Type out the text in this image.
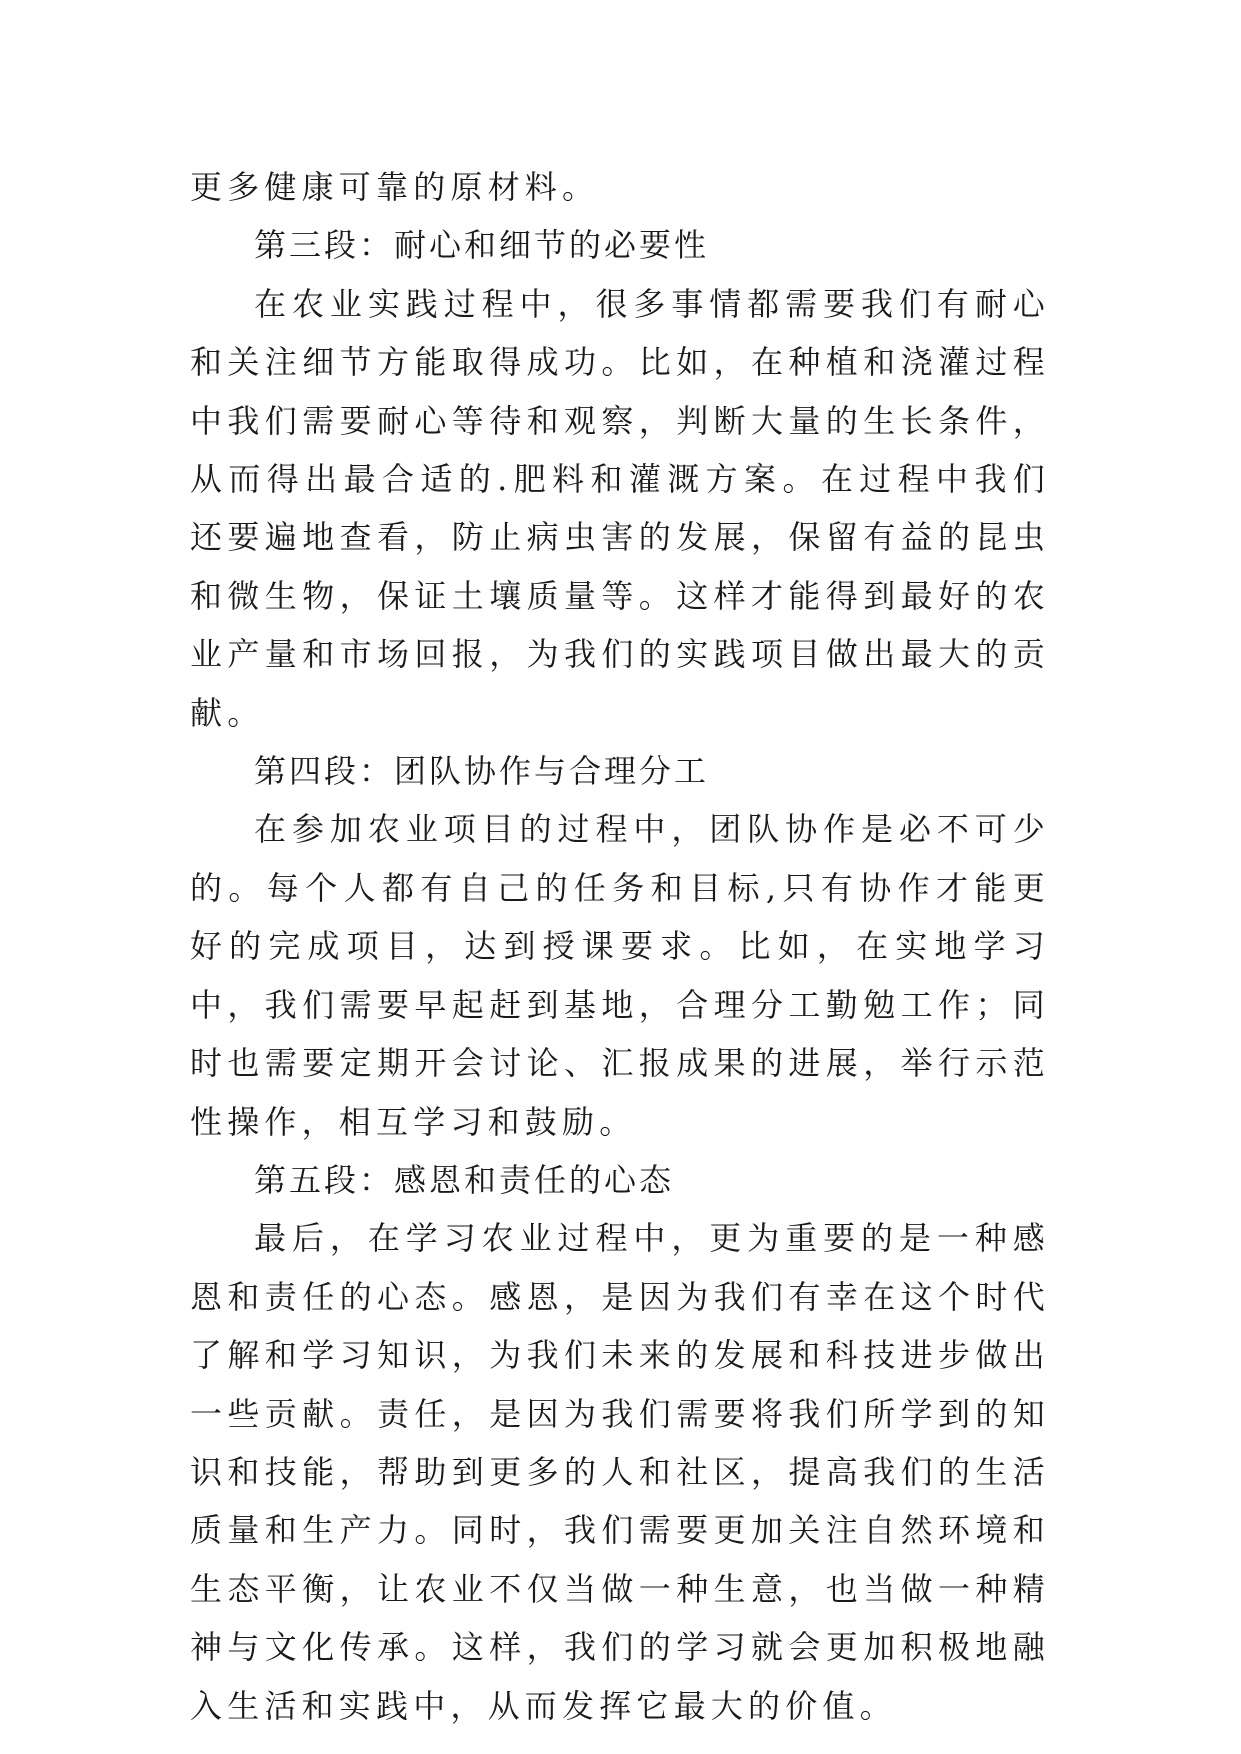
更多健康可靠的原材料。

第三段：耐心和细节的必要性

在农业实践过程中，很多事情都需要我们有耐心和关注细节方能取得成功。比如，在种植和浇灌过程中我们需要耐心等待和观察，判断大量的生长条件，从而得出最合适的.肥料和灌溉方案。在过程中我们还要遍地查看，防止病虫害的发展，保留有益的昆虫和微生物，保证土壤质量等。这样才能得到最好的农业产量和市场回报，为我们的实践项目做出最大的贡献。

第四段：团队协作与合理分工

在参加农业项目的过程中，团队协作是必不可少的。每个人都有自己的任务和目标,只有协作才能更好的完成项目，达到授课要求。比如，在实地学习中，我们需要早起赶到基地，合理分工勤勉工作；同时也需要定期开会讨论、汇报成果的进展，举行示范性操作，相互学习和鼓励。

第五段：感恩和责任的心态

最后，在学习农业过程中，更为重要的是一种感恩和责任的心态。感恩，是因为我们有幸在这个时代了解和学习知识，为我们未来的发展和科技进步做出一些贡献。责任，是因为我们需要将我们所学到的知识和技能，帮助到更多的人和社区，提高我们的生活质量和生产力。同时，我们需要更加关注自然环境和生态平衡，让农业不仅当做一种生意，也当做一种精神与文化传承。这样，我们的学习就会更加积极地融入生活和实践中，从而发挥它最大的价值。
